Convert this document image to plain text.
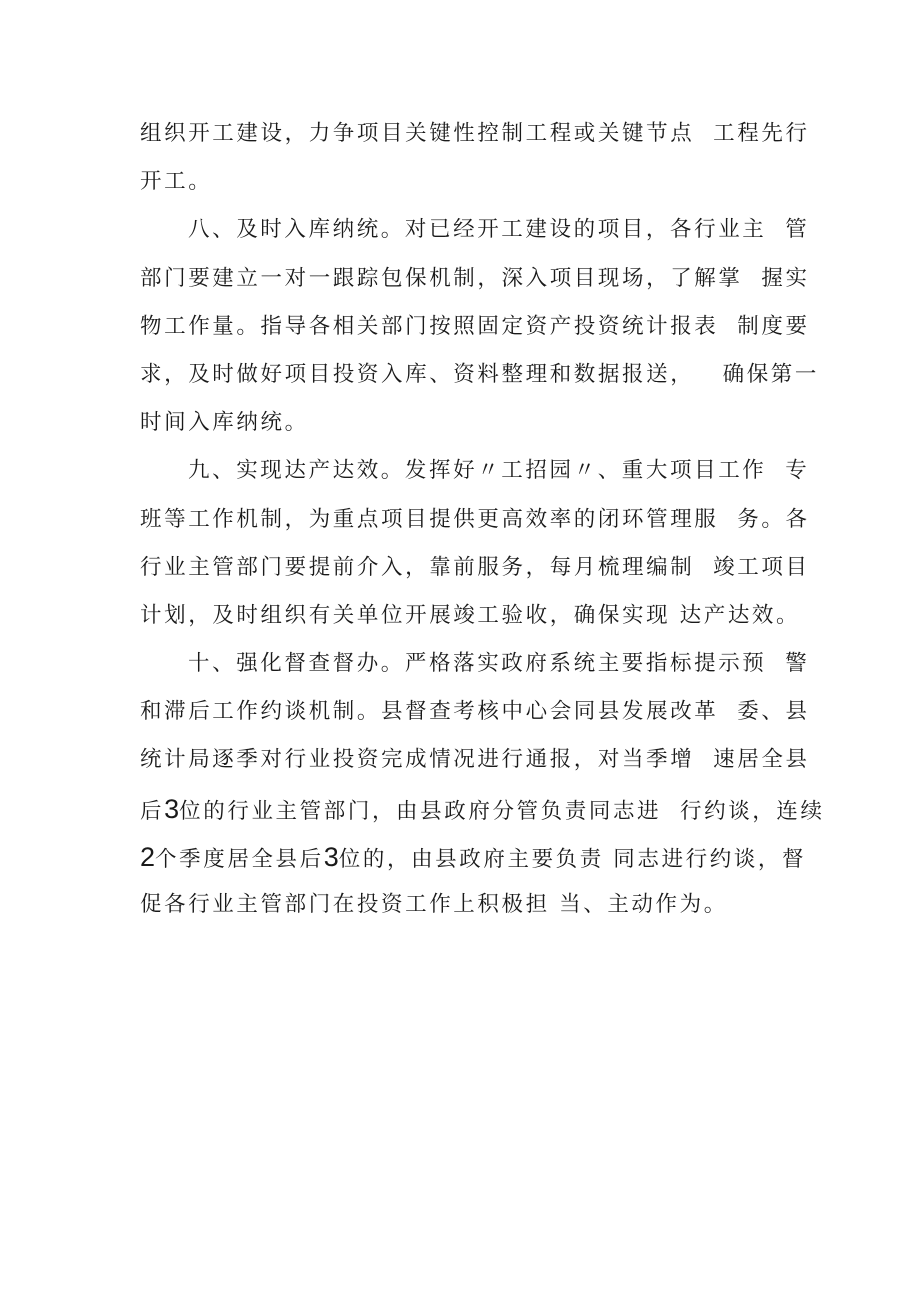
组织开工建设，力争项目关键性控制工程或关键节点  工程先行
开工。
八、及时入库纳统。对已经开工建设的项目，各行业主  管
部门要建立一对一跟踪包保机制，深入项目现场，了解掌  握实
物工作量。指导各相关部门按照固定资产投资统计报表  制度要
求，及时做好项目投资入库、资料整理和数据报送，   确保第一
时间入库纳统。
九、实现达产达效。发挥好〃工招园〃、重大项目工作  专
班等工作机制，为重点项目提供更高效率的闭环管理服  务。各
行业主管部门要提前介入，靠前服务，每月梳理编制  竣工项目
计划，及时组织有关单位开展竣工验收，确保实现 达产达效。
十、强化督查督办。严格落实政府系统主要指标提示预  警
和滞后工作约谈机制。县督查考核中心会同县发展改革  委、县
统计局逐季对行业投资完成情况进行通报，对当季增  速居全县
后3位的行业主管部门，由县政府分管负责同志进  行约谈，连续
2个季度居全县后3位的，由县政府主要负责 同志进行约谈，督
促各行业主管部门在投资工作上积极担 当、主动作为。
